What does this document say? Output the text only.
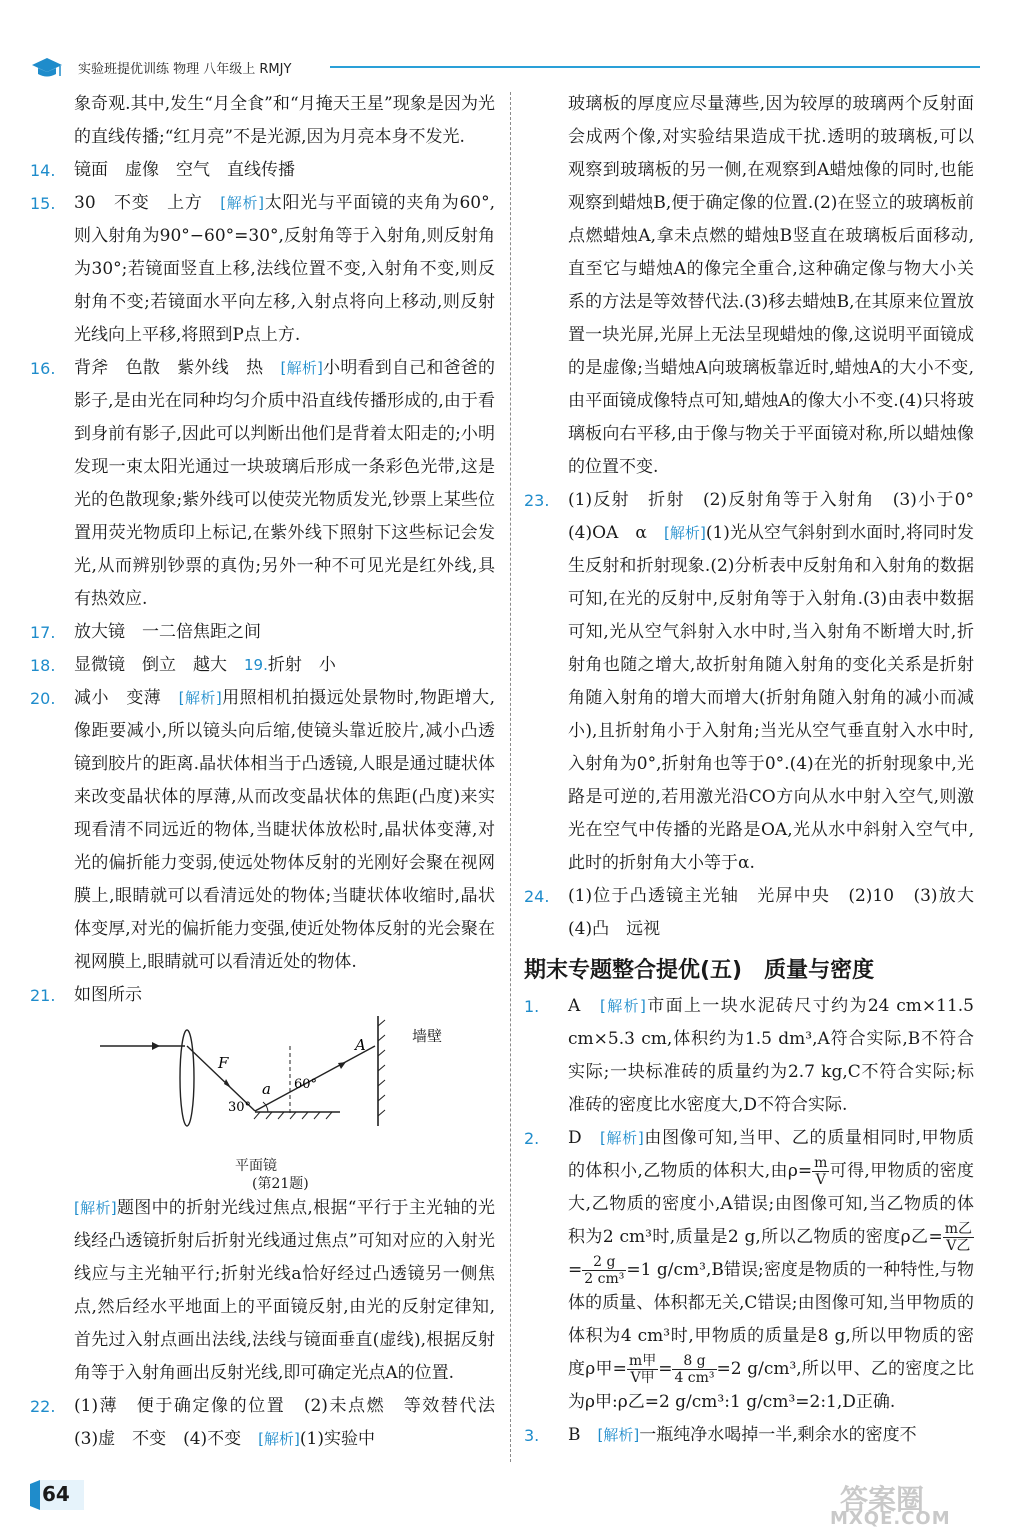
实验班提优训练 物理 八年级上 RMJY

象奇观.其中,发生“月全食”和“月掩天王星”现象是因为光的直线传播;“红月亮”不是光源,因为月亮本身不发光.

14. 镜面　虚像　空气　直线传播

15. 30　不变　上方　[解析]太阳光与平面镜的夹角为60°,则入射角为90°−60°=30°,反射角等于入射角,则反射角为30°;若镜面竖直上移,法线位置不变,入射角不变,则反射角不变;若镜面水平向左移,入射点将向上移动,则反射光线向上平移,将照到P点上方.

16. 背斧　色散　紫外线　热　[解析]小明看到自己和爸爸的影子,是由光在同种均匀介质中沿直线传播形成的,由于看到身前有影子,因此可以判断出他们是背着太阳走的;小明发现一束太阳光通过一块玻璃后形成一条彩色光带,这是光的色散现象;紫外线可以使荧光物质发光,钞票上某些位置用荧光物质印上标记,在紫外线下照射下这些标记会发光,从而辨别钞票的真伪;另外一种不可见光是红外线,具有热效应.

17. 放大镜　一二倍焦距之间

18. 显微镜　倒立　越大　19.折射　小

20. 减小　变薄　[解析]用照相机拍摄远处景物时,物距增大,像距要减小,所以镜头向后缩,使镜头靠近胶片,减小凸透镜到胶片的距离.晶状体相当于凸透镜,人眼是通过睫状体来改变晶状体的厚薄,从而改变晶状体的焦距(凸度)来实现看清不同远近的物体,当睫状体放松时,晶状体变薄,对光的偏折能力变弱,使远处物体反射的光刚好会聚在视网膜上,眼睛就可以看清远处的物体;当睫状体收缩时,晶状体变厚,对光的偏折能力变强,使近处物体反射的光会聚在视网膜上,眼睛就可以看清近处的物体.

21. 如图所示

F
A
a
30°
60°
墙壁
平面镜
(第21题)

[解析]题图中的折射光线过焦点,根据“平行于主光轴的光线经凸透镜折射后折射光线通过焦点”可知对应的入射光线应与主光轴平行;折射光线a恰好经过凸透镜另一侧焦点,然后经水平地面上的平面镜反射,由光的反射定律知,首先过入射点画出法线,法线与镜面垂直(虚线),根据反射角等于入射角画出反射光线,即可确定光点A的位置.

22. (1)薄　便于确定像的位置　(2)未点燃　等效替代法　(3)虚　不变　(4)不变　[解析](1)实验中

玻璃板的厚度应尽量薄些,因为较厚的玻璃两个反射面会成两个像,对实验结果造成干扰.透明的玻璃板,可以观察到玻璃板的另一侧,在观察到A蜡烛像的同时,也能观察到蜡烛B,便于确定像的位置.(2)在竖立的玻璃板前点燃蜡烛A,拿未点燃的蜡烛B竖直在玻璃板后面移动,直至它与蜡烛A的像完全重合,这种确定像与物大小关系的方法是等效替代法.(3)移去蜡烛B,在其原来位置放置一块光屏,光屏上无法呈现蜡烛的像,这说明平面镜成的是虚像;当蜡烛A向玻璃板靠近时,蜡烛A的大小不变,由平面镜成像特点可知,蜡烛A的像大小不变.(4)只将玻璃板向右平移,由于像与物关于平面镜对称,所以蜡烛像的位置不变.

23. (1)反射　折射　(2)反射角等于入射角　(3)小于0°　(4)OA　α　[解析](1)光从空气斜射到水面时,将同时发生反射和折射现象.(2)分析表中反射角和入射角的数据可知,在光的反射中,反射角等于入射角.(3)由表中数据可知,光从空气斜射入水中时,当入射角不断增大时,折射角也随之增大,故折射角随入射角的变化关系是折射角随入射角的增大而增大(折射角随入射角的减小而减小),且折射角小于入射角;当光从空气垂直射入水中时,入射角为0°,折射角也等于0°.(4)在光的折射现象中,光路是可逆的,若用激光沿CO方向从水中射入空气,则激光在空气中传播的光路是OA,光从水中斜射入空气中,此时的折射角大小等于α.

24. (1)位于凸透镜主光轴　光屏中央　(2)10　(3)放大　(4)凸　远视

期末专题整合提优(五)　质量与密度

1. A　[解析]市面上一块水泥砖尺寸约为24 cm×11.5 cm×5.3 cm,体积约为1.5 dm³,A符合实际,B不符合实际;一块标准砖的质量约为2.7 kg,C不符合实际;标准砖的密度比水密度大,D不符合实际.

2. D　[解析]由图像可知,当甲、乙的质量相同时,甲物质的体积小,乙物质的体积大,由$\rho= \frac{m}{V}$ 可得,甲物质的密度大,乙物质的密度小,A错误;由图像可知,当乙物质的体积为2 cm³时,质量是2 g,所以乙物质的密度ρ乙= $\frac{\text{m乙}}{\text{V乙}}$
= $\frac{2 g}{\text{2 cm³}} =1$ g/cm³,B错误;密度是物质的一种特性,与物体的质量、体积都无关,C错误;由图像可知,当甲物质的体积为4 cm³时,甲物质的质量是8 g,所以甲物质的密度ρ甲= $\frac{\text{m甲}}{\text{V甲}} = \frac{8 g}{\text{4 cm³}} =2$ g/cm³,所以甲、乙的密度之比为ρ甲:ρ乙=2 g/cm³:1 g/cm³=2:1,D正确.

3. B　[解析]一瓶纯净水喝掉一半,剩余水的密度不

64	答案圈
MXQE.COM
